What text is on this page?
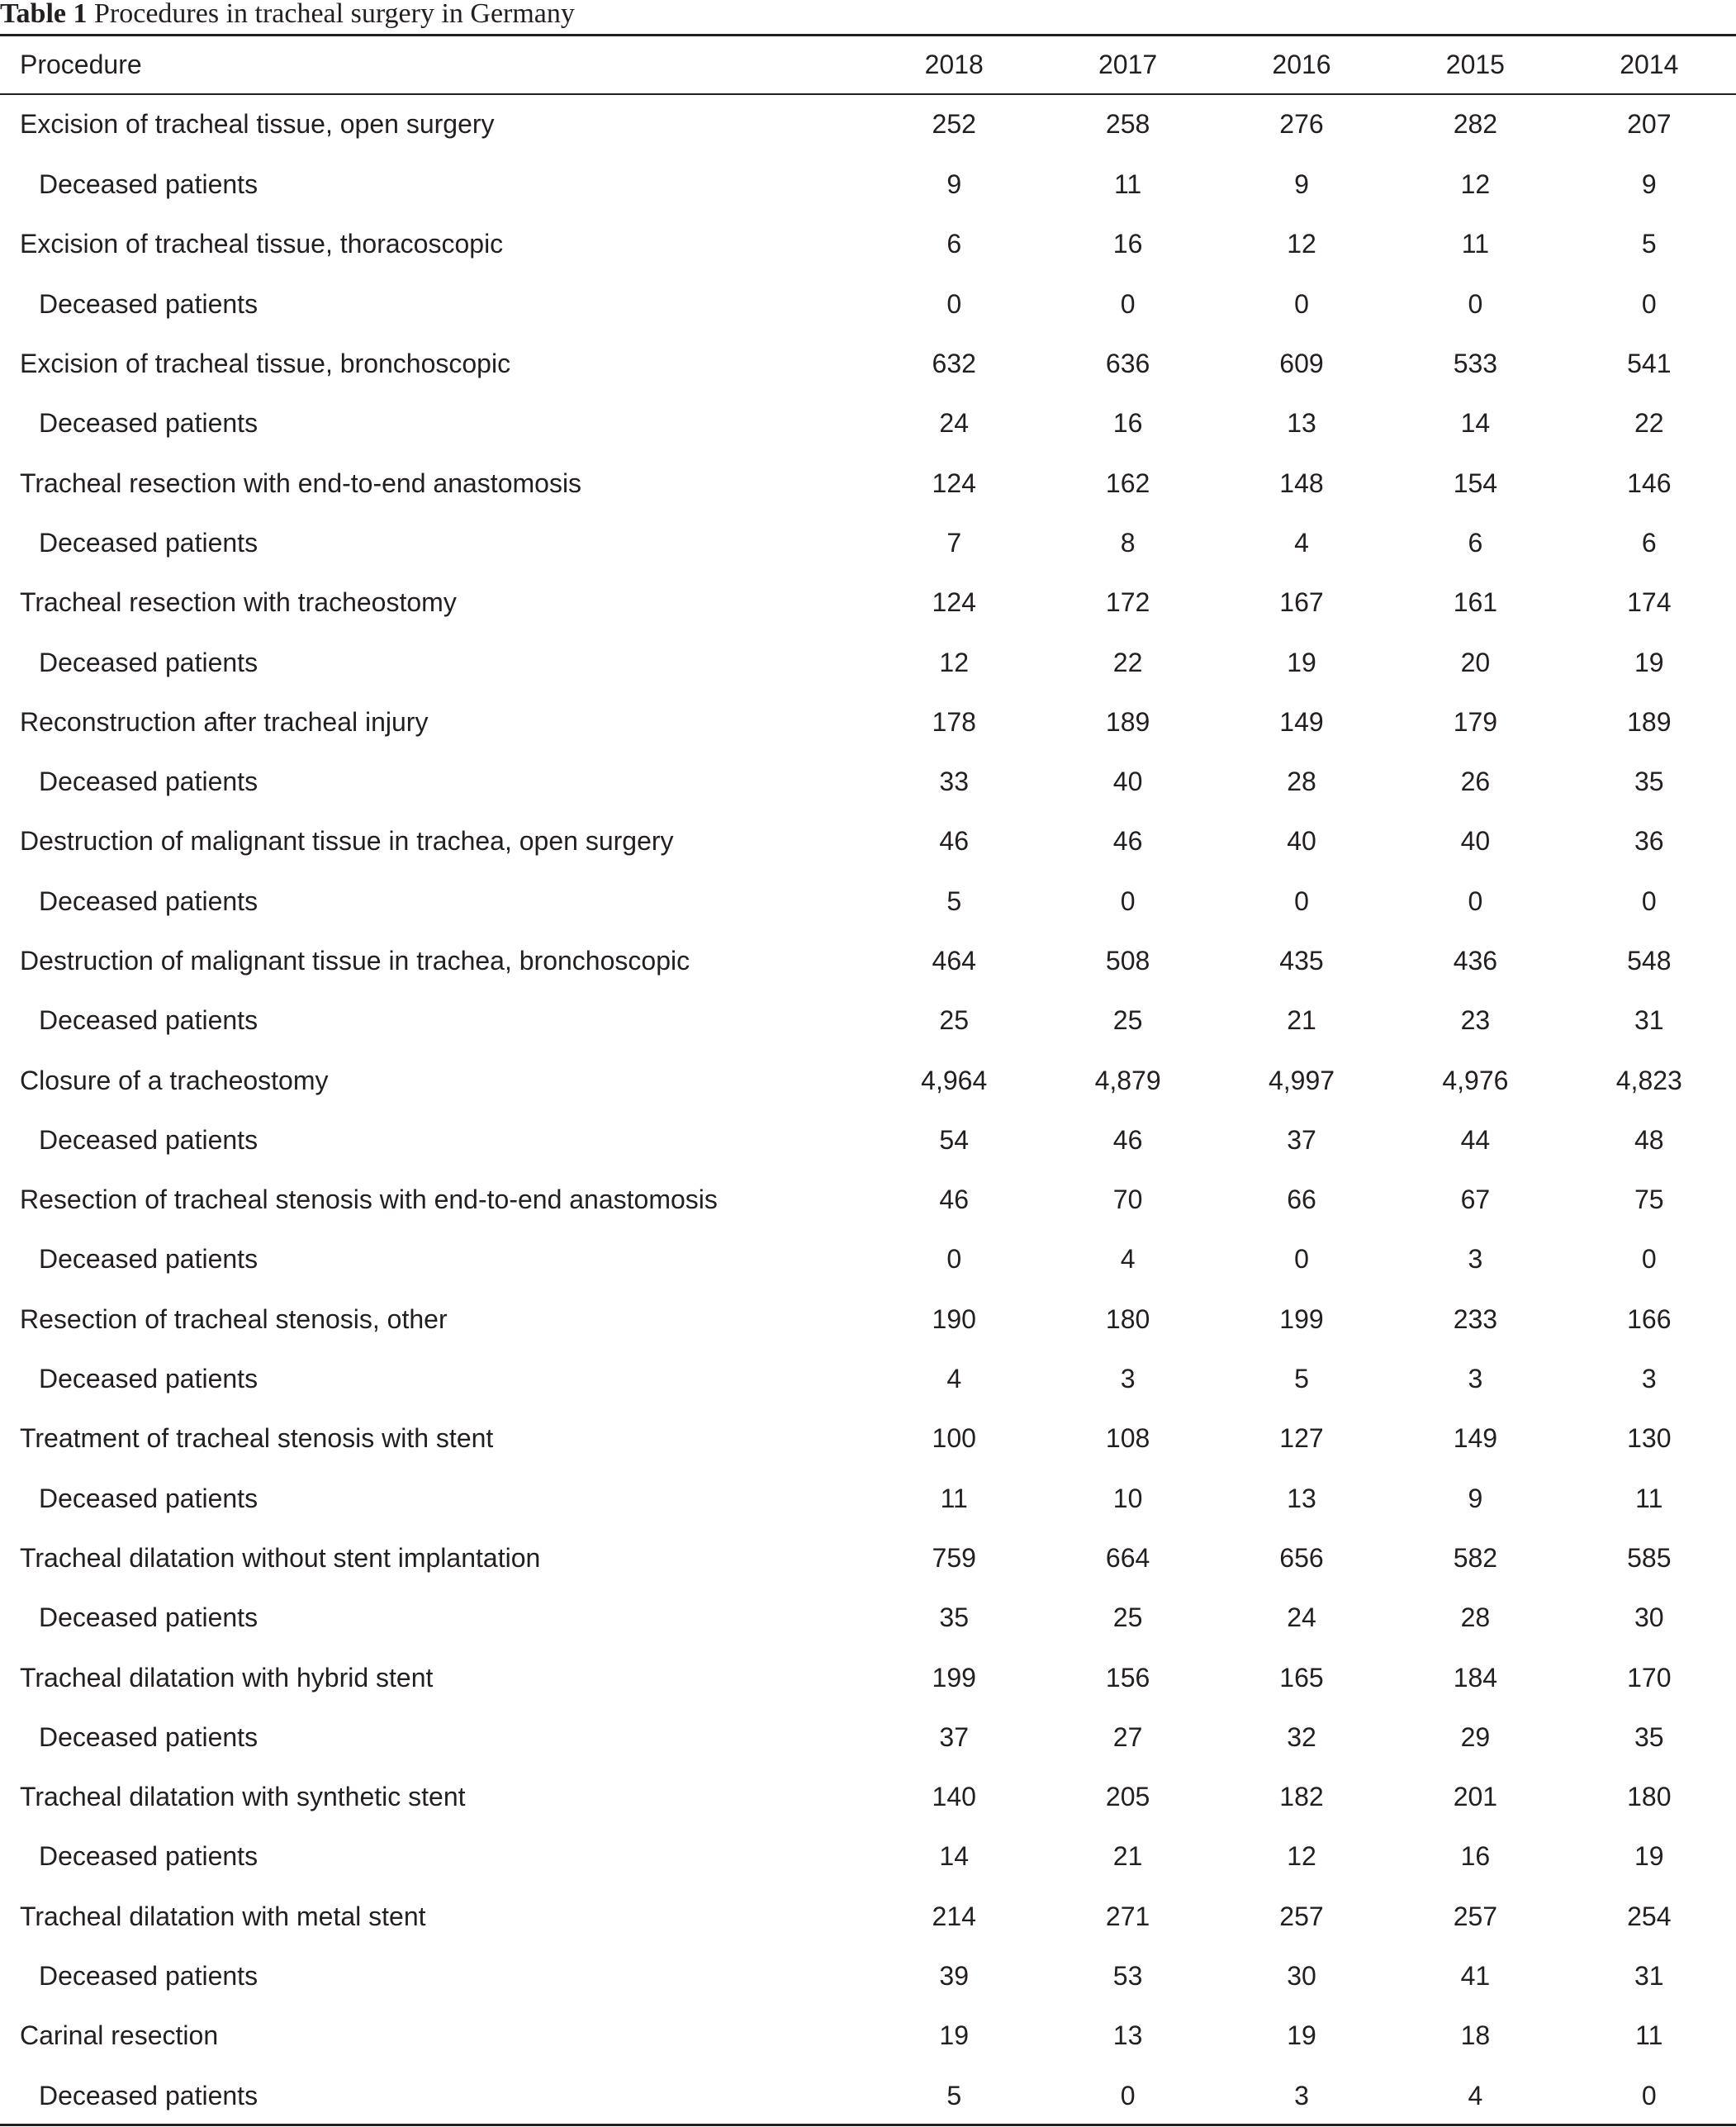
Table 1 Procedures in tracheal surgery in Germany
Procedure	2018	2017	2016	2015	2014
Excision of tracheal tissue, open surgery	252	258	276	282	207
Deceased patients	9	11	9	12	9
Excision of tracheal tissue, thoracoscopic	6	16	12	11	5
Deceased patients	0	0	0	0	0
Excision of tracheal tissue, bronchoscopic	632	636	609	533	541
Deceased patients	24	16	13	14	22
Tracheal resection with end-to-end anastomosis	124	162	148	154	146
Deceased patients	7	8	4	6	6
Tracheal resection with tracheostomy	124	172	167	161	174
Deceased patients	12	22	19	20	19
Reconstruction after tracheal injury	178	189	149	179	189
Deceased patients	33	40	28	26	35
Destruction of malignant tissue in trachea, open surgery	46	46	40	40	36
Deceased patients	5	0	0	0	0
Destruction of malignant tissue in trachea, bronchoscopic	464	508	435	436	548
Deceased patients	25	25	21	23	31
Closure of a tracheostomy	4,964	4,879	4,997	4,976	4,823
Deceased patients	54	46	37	44	48
Resection of tracheal stenosis with end-to-end anastomosis	46	70	66	67	75
Deceased patients	0	4	0	3	0
Resection of tracheal stenosis, other	190	180	199	233	166
Deceased patients	4	3	5	3	3
Treatment of tracheal stenosis with stent	100	108	127	149	130
Deceased patients	11	10	13	9	11
Tracheal dilatation without stent implantation	759	664	656	582	585
Deceased patients	35	25	24	28	30
Tracheal dilatation with hybrid stent	199	156	165	184	170
Deceased patients	37	27	32	29	35
Tracheal dilatation with synthetic stent	140	205	182	201	180
Deceased patients	14	21	12	16	19
Tracheal dilatation with metal stent	214	271	257	257	254
Deceased patients	39	53	30	41	31
Carinal resection	19	13	19	18	11
Deceased patients	5	0	3	4	0
